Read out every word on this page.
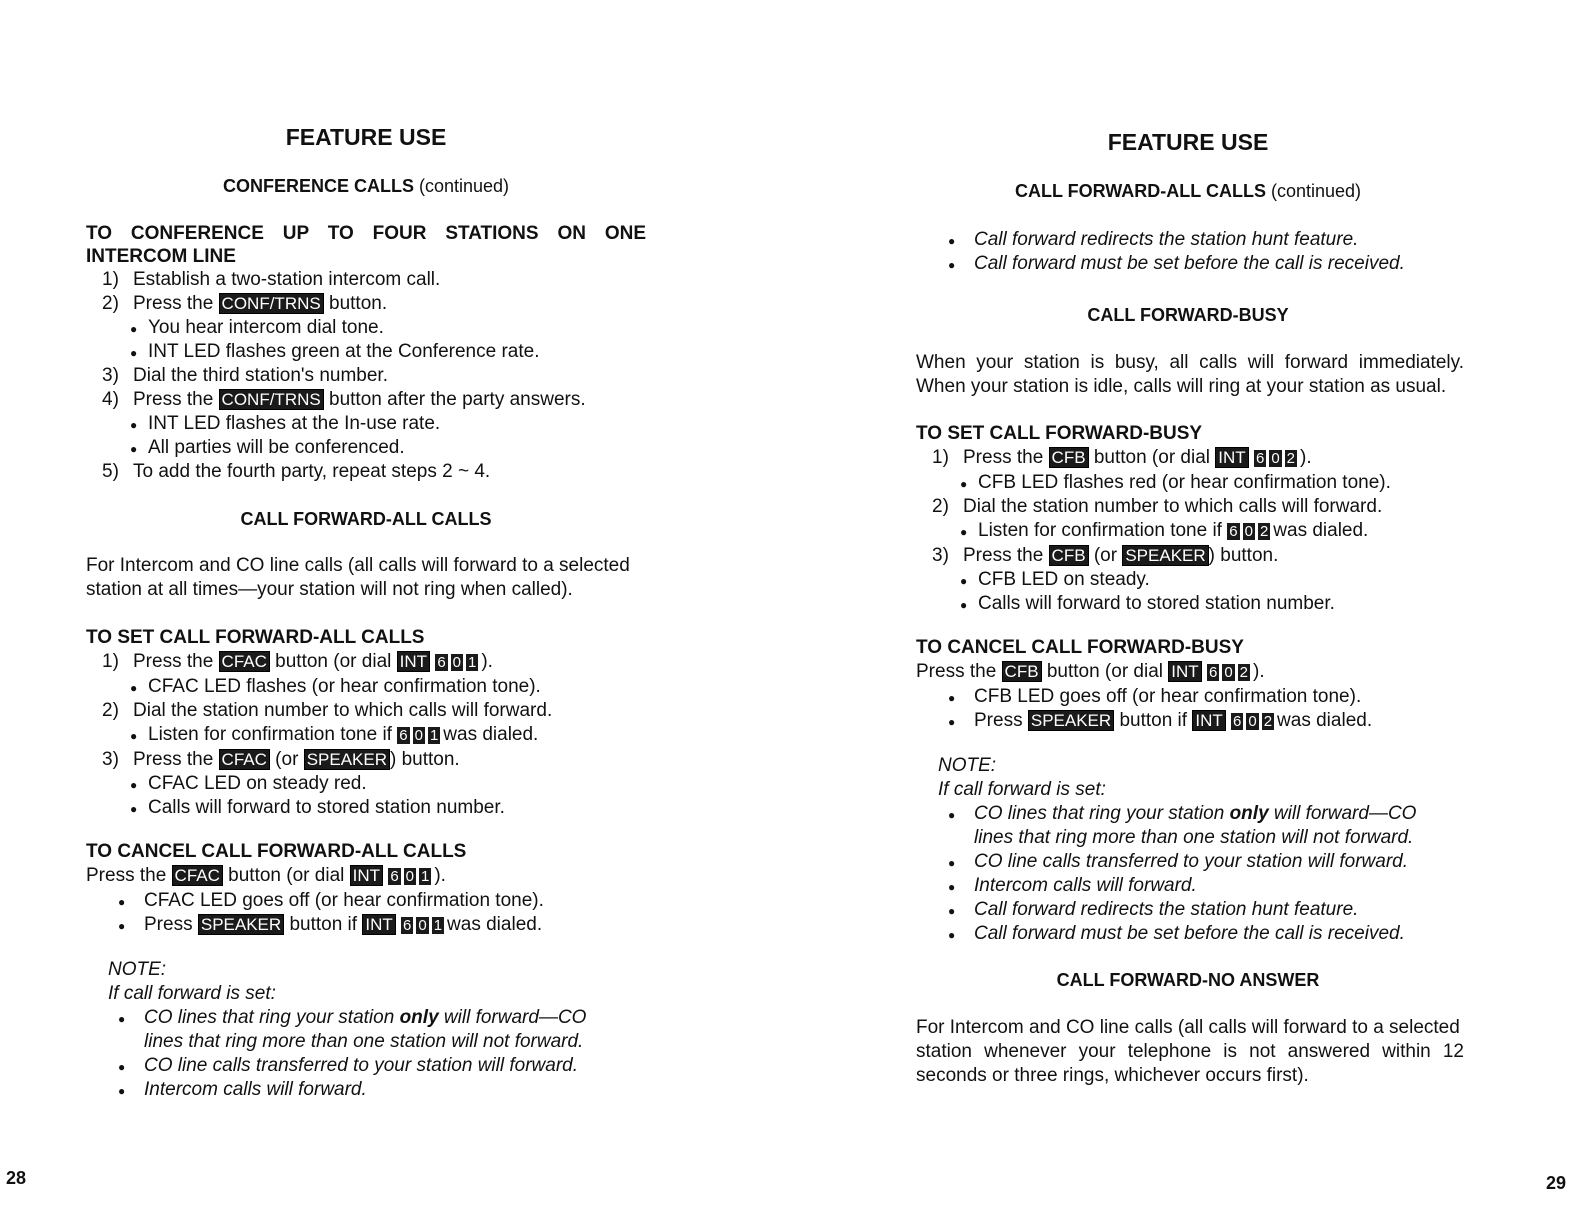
FEATURE USE
CONFERENCE CALLS (continued)
TO CONFERENCE UP TO FOUR STATIONS ON ONE
INTERCOM LINE
1) Establish a two-station intercom call.
2) Press the CONF/TRNS button.
● You hear intercom dial tone.
● INT LED flashes green at the Conference rate.
3) Dial the third station's number.
4) Press the CONF/TRNS button after the party answers.
● INT LED flashes at the In-use rate.
● All parties will be conferenced.
5) To add the fourth party, repeat steps 2 ~ 4.
CALL FORWARD-ALL CALLS
For Intercom and CO line calls (all calls will forward to a selected
station at all times—your station will not ring when called).
TO SET CALL FORWARD-ALL CALLS
1) Press the CFAC button (or dial INT 6 0 1 ).
● CFAC LED flashes (or hear confirmation tone).
2) Dial the station number to which calls will forward.
● Listen for confirmation tone if 6 0 1 was dialed.
3) Press the CFAC (or SPEAKER ) button.
● CFAC LED on steady red.
● Calls will forward to stored station number.
TO CANCEL CALL FORWARD-ALL CALLS
Press the CFAC button (or dial INT 6 0 1 ).
● CFAC LED goes off (or hear confirmation tone).
● Press SPEAKER button if INT 6 0 1 was dialed.
NOTE:
If call forward is set:
● CO lines that ring your station only will forward—CO
lines that ring more than one station will not forward.
● CO line calls transferred to your station will forward.
● Intercom calls will forward.
28
FEATURE USE
CALL FORWARD-ALL CALLS (continued)
● Call forward redirects the station hunt feature.
● Call forward must be set before the call is received.
CALL FORWARD-BUSY
When your station is busy, all calls will forward immediately.
When your station is idle, calls will ring at your station as usual.
TO SET CALL FORWARD-BUSY
1) Press the CFB button (or dial INT 6 0 2 ).
● CFB LED flashes red (or hear confirmation tone).
2) Dial the station number to which calls will forward.
● Listen for confirmation tone if 6 0 2 was dialed.
3) Press the CFB (or SPEAKER ) button.
● CFB LED on steady.
● Calls will forward to stored station number.
TO CANCEL CALL FORWARD-BUSY
Press the CFB button (or dial INT 6 0 2 ).
● CFB LED goes off (or hear confirmation tone).
● Press SPEAKER button if INT 6 0 2 was dialed.
NOTE:
If call forward is set:
● CO lines that ring your station only will forward—CO
lines that ring more than one station will not forward.
● CO line calls transferred to your station will forward.
● Intercom calls will forward.
● Call forward redirects the station hunt feature.
● Call forward must be set before the call is received.
CALL FORWARD-NO ANSWER
For Intercom and CO line calls (all calls will forward to a selected
station whenever your telephone is not answered within 12
seconds or three rings, whichever occurs first).
29
